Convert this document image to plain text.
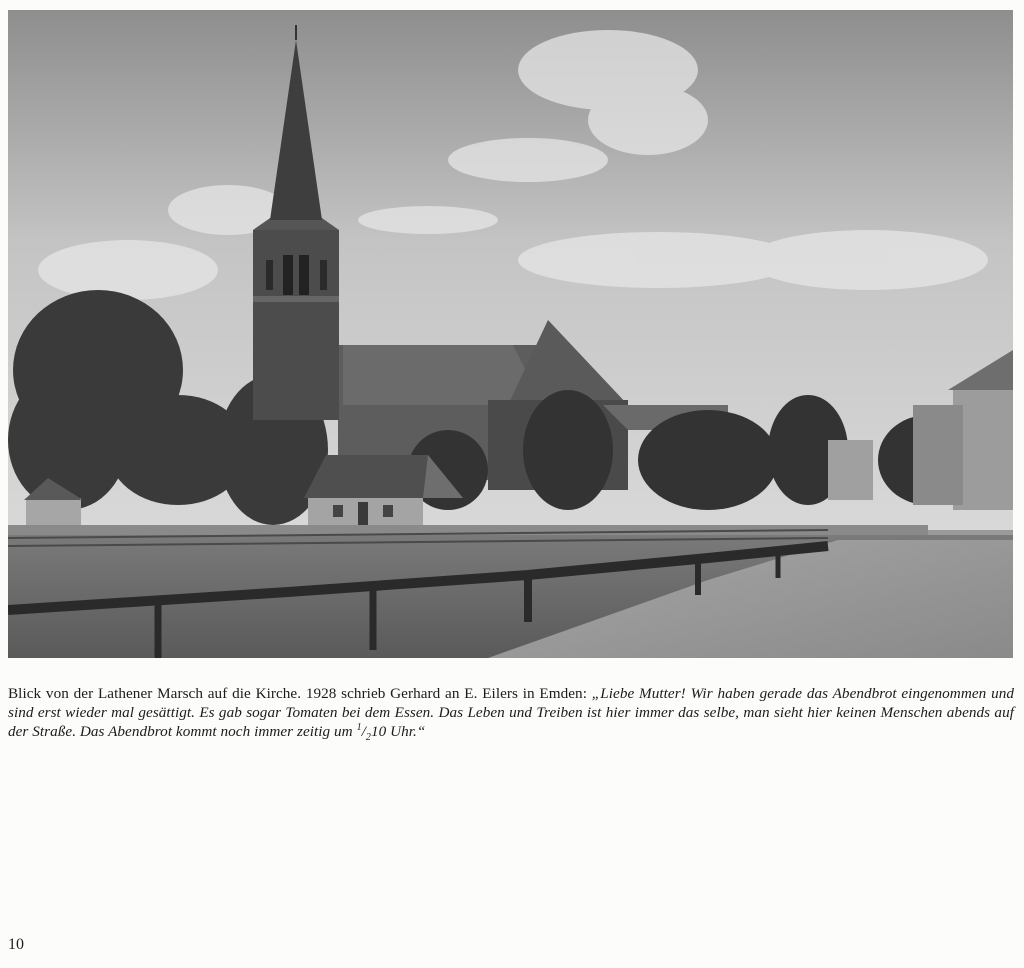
Blick von der Lathener Marsch auf die Kirche. 1928 schrieb Gerhard an E. Eilers in Emden: „Liebe Mutter! Wir haben gerade das Abendbrot eingenommen und sind erst wieder mal gesättigt. Es gab sogar Tomaten bei dem Essen. Das Leben und Treiben ist hier immer das selbe, man sieht hier keinen Menschen abends auf der Straße. Das Abendbrot kommt noch immer zeitig um $^1/_210$ Uhr.“
10
